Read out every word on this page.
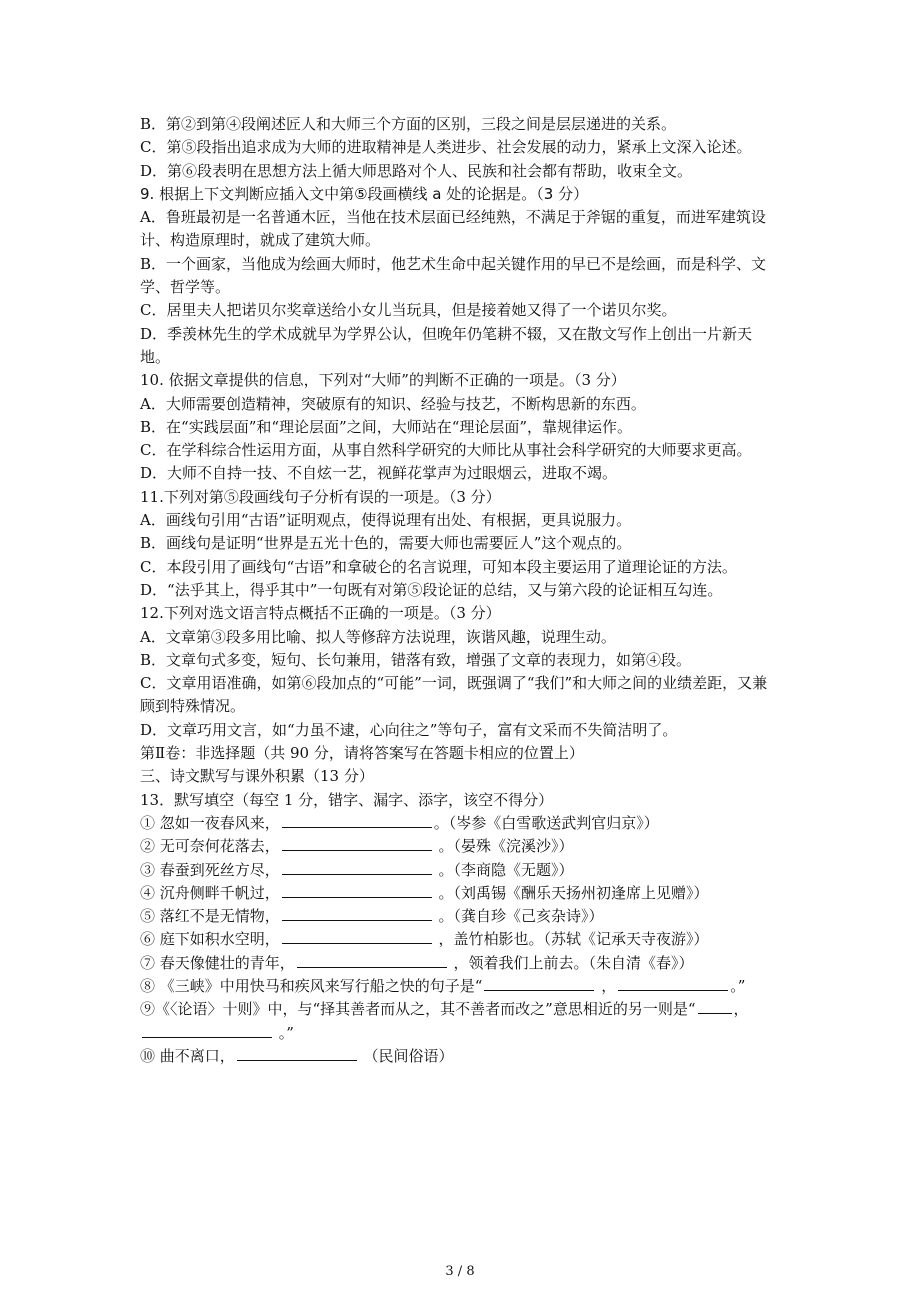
B．第②到第④段阐述匠人和大师三个方面的区别，三段之间是层层递进的关系。
C．第⑤段指出追求成为大师的进取精神是人类进步、社会发展的动力，紧承上文深入论述。
D．第⑥段表明在思想方法上循大师思路对个人、民族和社会都有帮助，收束全文。
9. 根据上下文判断应插入文中第⑤段画横线 a 处的论据是。（3 分）
A．鲁班最初是一名普通木匠，当他在技术层面已经纯熟，不满足于斧锯的重复，而进军建筑设计、构造原理时，就成了建筑大师。
B．一个画家，当他成为绘画大师时，他艺术生命中起关键作用的早已不是绘画，而是科学、文学、哲学等。
C．居里夫人把诺贝尔奖章送给小女儿当玩具，但是接着她又得了一个诺贝尔奖。
D．季羡林先生的学术成就早为学界公认，但晚年仍笔耕不辍，又在散文写作上创出一片新天地。
10. 依据文章提供的信息，下列对“大师”的判断不正确的一项是。（3 分）
A．大师需要创造精神，突破原有的知识、经验与技艺，不断构思新的东西。
B．在“实践层面”和“理论层面”之间，大师站在“理论层面”，靠规律运作。
C．在学科综合性运用方面，从事自然科学研究的大师比从事社会科学研究的大师要求更高。
D．大师不自持一技、不自炫一艺，视鲜花掌声为过眼烟云，进取不竭。
11.下列对第⑤段画线句子分析有误的一项是。（3 分）
A．画线句引用“古语”证明观点，使得说理有出处、有根据，更具说服力。
B．画线句是证明“世界是五光十色的，需要大师也需要匠人”这个观点的。
C．本段引用了画线句“古语”和拿破仑的名言说理，可知本段主要运用了道理论证的方法。
D．“法乎其上，得乎其中”一句既有对第⑤段论证的总结，又与第六段的论证相互勾连。
12.下列对选文语言特点概括不正确的一项是。（3 分）
A．文章第③段多用比喻、拟人等修辞方法说理，诙谐风趣，说理生动。
B．文章句式多变，短句、长句兼用，错落有致，增强了文章的表现力，如第④段。
C．文章用语准确，如第⑥段加点的“可能”一词，既强调了“我们”和大师之间的业绩差距，又兼顾到特殊情况。
D．文章巧用文言，如“力虽不逮，心向往之”等句子，富有文采而不失简洁明了。
第Ⅱ卷：非选择题（共 90 分，请将答案写在答题卡相应的位置上）
三、诗文默写与课外积累（13 分）
13．默写填空（每空 1 分，错字、漏字、添字，该空不得分）
① 忽如一夜春风来，	。（岑参《白雪歌送武判官归京》）
② 无可奈何花落去，	。（晏殊《浣溪沙》）
③ 春蚕到死丝方尽，	。（李商隐《无题》）
④ 沉舟侧畔千帆过，	。（刘禹锡《酬乐天扬州初逢席上见赠》）
⑤ 落红不是无情物，	。（龚自珍《己亥杂诗》）
⑥ 庭下如积水空明，	，盖竹柏影也。（苏轼《记承天寺夜游》）
⑦ 春天像健壮的青年，	，领着我们上前去。（朱自清《春》）
⑧ 《三峡》中用快马和疾风来写行船之快的句子是“	，	。”
⑨《〈论语〉十则》中，与“择其善者而从之，其不善者而改之”意思相近的另一则是“	， 。”
⑩ 曲不离口，	（民间俗语）
3 / 8
